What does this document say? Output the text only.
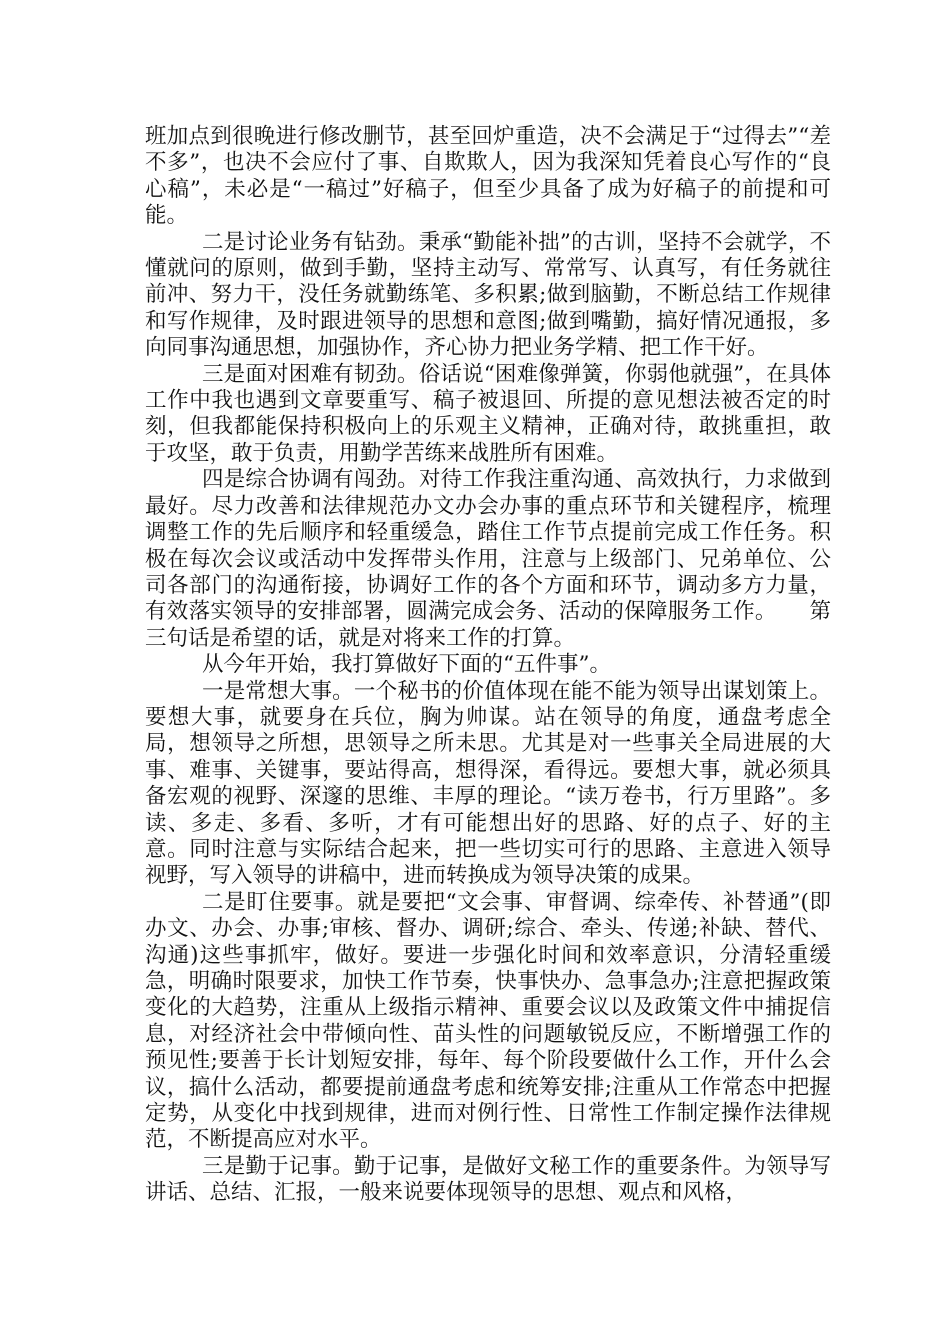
班加点到很晚进行修改删节，甚至回炉重造，决不会满足于“过得去”“差不多”，也决不会应付了事、自欺欺人，因为我深知凭着良心写作的“良心稿”，未必是“一稿过”好稿子，但至少具备了成为好稿子的前提和可能。

二是讨论业务有钻劲。秉承“勤能补拙”的古训，坚持不会就学，不懂就问的原则，做到手勤，坚持主动写、常常写、认真写，有任务就往前冲、努力干，没任务就勤练笔、多积累;做到脑勤，不断总结工作规律和写作规律，及时跟进领导的思想和意图;做到嘴勤，搞好情况通报，多向同事沟通思想，加强协作，齐心协力把业务学精、把工作干好。

三是面对困难有韧劲。俗话说“困难像弹簧，你弱他就强”，在具体工作中我也遇到文章要重写、稿子被退回、所提的意见想法被否定的时刻，但我都能保持积极向上的乐观主义精神，正确对待，敢挑重担，敢于攻坚，敢于负责，用勤学苦练来战胜所有困难。

四是综合协调有闯劲。对待工作我注重沟通、高效执行，力求做到最好。尽力改善和法律规范办文办会办事的重点环节和关键程序，梳理调整工作的先后顺序和轻重缓急，踏住工作节点提前完成工作任务。积极在每次会议或活动中发挥带头作用，注意与上级部门、兄弟单位、公司各部门的沟通衔接，协调好工作的各个方面和环节，调动多方力量，有效落实领导的安排部署，圆满完成会务、活动的保障服务工作。　　第三句话是希望的话，就是对将来工作的打算。

从今年开始，我打算做好下面的“五件事”。

一是常想大事。一个秘书的价值体现在能不能为领导出谋划策上。要想大事，就要身在兵位，胸为帅谋。站在领导的角度，通盘考虑全局，想领导之所想，思领导之所未思。尤其是对一些事关全局进展的大事、难事、关键事，要站得高，想得深，看得远。要想大事，就必须具备宏观的视野、深邃的思维、丰厚的理论。“读万卷书，行万里路”。多读、多走、多看、多听，才有可能想出好的思路、好的点子、好的主意。同时注意与实际结合起来，把一些切实可行的思路、主意进入领导视野，写入领导的讲稿中，进而转换成为领导决策的成果。

二是盯住要事。就是要把“文会事、审督调、综牵传、补替通”(即办文、办会、办事;审核、督办、调研;综合、牵头、传递;补缺、替代、沟通)这些事抓牢，做好。要进一步强化时间和效率意识，分清轻重缓急，明确时限要求，加快工作节奏，快事快办、急事急办;注意把握政策变化的大趋势，注重从上级指示精神、重要会议以及政策文件中捕捉信息，对经济社会中带倾向性、苗头性的问题敏锐反应，不断增强工作的预见性;要善于长计划短安排，每年、每个阶段要做什么工作，开什么会议，搞什么活动，都要提前通盘考虑和统筹安排;注重从工作常态中把握定势，从变化中找到规律，进而对例行性、日常性工作制定操作法律规范，不断提高应对水平。

三是勤于记事。勤于记事，是做好文秘工作的重要条件。为领导写讲话、总结、汇报，一般来说要体现领导的思想、观点和风格，
